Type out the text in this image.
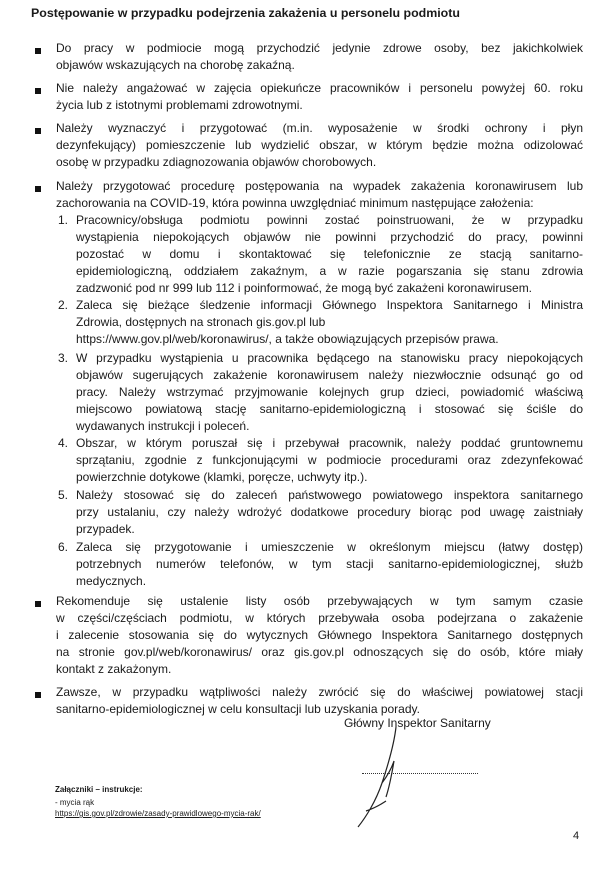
Postępowanie w przypadku podejrzenia zakażenia u personelu podmiotu
Do pracy w podmiocie mogą przychodzić jedynie zdrowe osoby, bez jakichkolwiek
objawów wskazujących na chorobę zakaźną.
Nie należy angażować w zajęcia opiekuńcze pracowników i personelu powyżej 60. roku
życia lub z istotnymi problemami zdrowotnymi.
Należy wyznaczyć i przygotować (m.in. wyposażenie w środki ochrony i płyn
dezynfekujący) pomieszczenie lub wydzielić obszar, w którym będzie można odizolować
osobę w przypadku zdiagnozowania objawów chorobowych.
Należy przygotować procedurę postępowania na wypadek zakażenia koronawirusem lub
zachorowania na COVID-19, która powinna uwzględniać minimum następujące założenia:
1. Pracownicy/obsługa podmiotu powinni zostać poinstruowani, że w przypadku
wystąpienia niepokojących objawów nie powinni przychodzić do pracy, powinni
pozostać w domu i skontaktować się telefonicznie ze stacją sanitarno-
epidemiologiczną, oddziałem zakaźnym, a w razie pogarszania się stanu zdrowia
zadzwonić pod nr 999 lub 112 i poinformować, że mogą być zakażeni koronawirusem.
2. Zaleca się bieżące śledzenie informacji Głównego Inspektora Sanitarnego i Ministra
Zdrowia, dostępnych na stronach gis.gov.pl lub
https://www.gov.pl/web/koronawirus/, a także obowiązujących przepisów prawa.
3. W przypadku wystąpienia u pracownika będącego na stanowisku pracy niepokojących
objawów sugerujących zakażenie koronawirusem należy niezwłocznie odsunąć go od
pracy. Należy wstrzymać przyjmowanie kolejnych grup dzieci, powiadomić właściwą
miejscowo powiatową stację sanitarno-epidemiologiczną i stosować się ściśle do
wydawanych instrukcji i poleceń.
4. Obszar, w którym poruszał się i przebywał pracownik, należy poddać gruntownemu
sprzątaniu, zgodnie z funkcjonującymi w podmiocie procedurami oraz zdezynfekować
powierzchnie dotykowe (klamki, poręcze, uchwyty itp.).
5. Należy stosować się do zaleceń państwowego powiatowego inspektora sanitarnego
przy ustalaniu, czy należy wdrożyć dodatkowe procedury biorąc pod uwagę zaistniały
przypadek.
6. Zaleca się przygotowanie i umieszczenie w określonym miejscu (łatwy dostęp)
potrzebnych numerów telefonów, w tym stacji sanitarno-epidemiologicznej, służb
medycznych.
Rekomenduje się ustalenie listy osób przebywających w tym samym czasie
w części/częściach podmiotu, w których przebywała osoba podejrzana o zakażenie
i zalecenie stosowania się do wytycznych Głównego Inspektora Sanitarnego dostępnych
na stronie gov.pl/web/koronawirus/ oraz gis.gov.pl odnoszących się do osób, które miały
kontakt z zakażonym.
Zawsze, w przypadku wątpliwości należy zwrócić się do właściwej powiatowej stacji
sanitarno-epidemiologicznej w celu konsultacji lub uzyskania porady.
Główny Inspektor Sanitarny
Załączniki – instrukcje:
- mycia rąk
https://gis.gov.pl/zdrowie/zasady-prawidlowego-mycia-rak/
4
